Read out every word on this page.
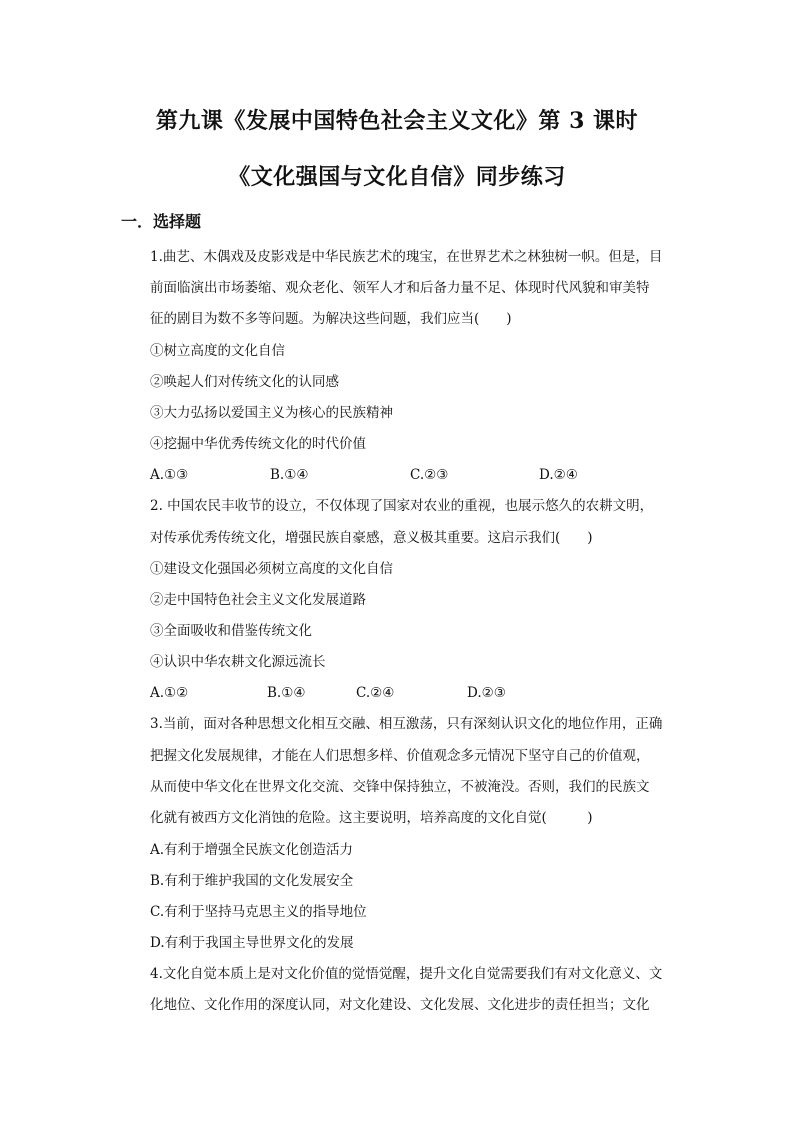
第九课《发展中国特色社会主义文化》第 3 课时
《文化强国与文化自信》同步练习
一．选择题
1.曲艺、木偶戏及皮影戏是中华民族艺术的瑰宝，在世界艺术之林独树一帜。但是，目
前面临演出市场萎缩、观众老化、领军人才和后备力量不足、体现时代风貌和审美特
征的剧目为数不多等问题。为解决这些问题，我们应当(　　)
①树立高度的文化自信
②唤起人们对传统文化的认同感
③大力弘扬以爱国主义为核心的民族精神
④挖掘中华优秀传统文化的时代价值
A.①③	B.①④	C.②③	D.②④
2. 中国农民丰收节的设立，不仅体现了国家对农业的重视，也展示悠久的农耕文明，
对传承优秀传统文化，增强民族自豪感，意义极其重要。这启示我们(　　)
①建设文化强国必须树立高度的文化自信
②走中国特色社会主义文化发展道路
③全面吸收和借鉴传统文化
④认识中华农耕文化源远流长
A.①②	B.①④	C.②④	D.②③
3.当前，面对各种思想文化相互交融、相互激荡，只有深刻认识文化的地位作用，正确
把握文化发展规律，才能在人们思想多样、价值观念多元情况下坚守自己的价值观，
从而使中华文化在世界文化交流、交锋中保持独立，不被淹没。否则，我们的民族文
化就有被西方文化消蚀的危险。这主要说明，培养高度的文化自觉(　　　)
A.有利于增强全民族文化创造活力
B.有利于维护我国的文化发展安全
C.有利于坚持马克思主义的指导地位
D.有利于我国主导世界文化的发展
4.文化自觉本质上是对文化价值的觉悟觉醒，提升文化自觉需要我们有对文化意义、文
化地位、文化作用的深度认同，对文化建设、文化发展、文化进步的责任担当；文化
